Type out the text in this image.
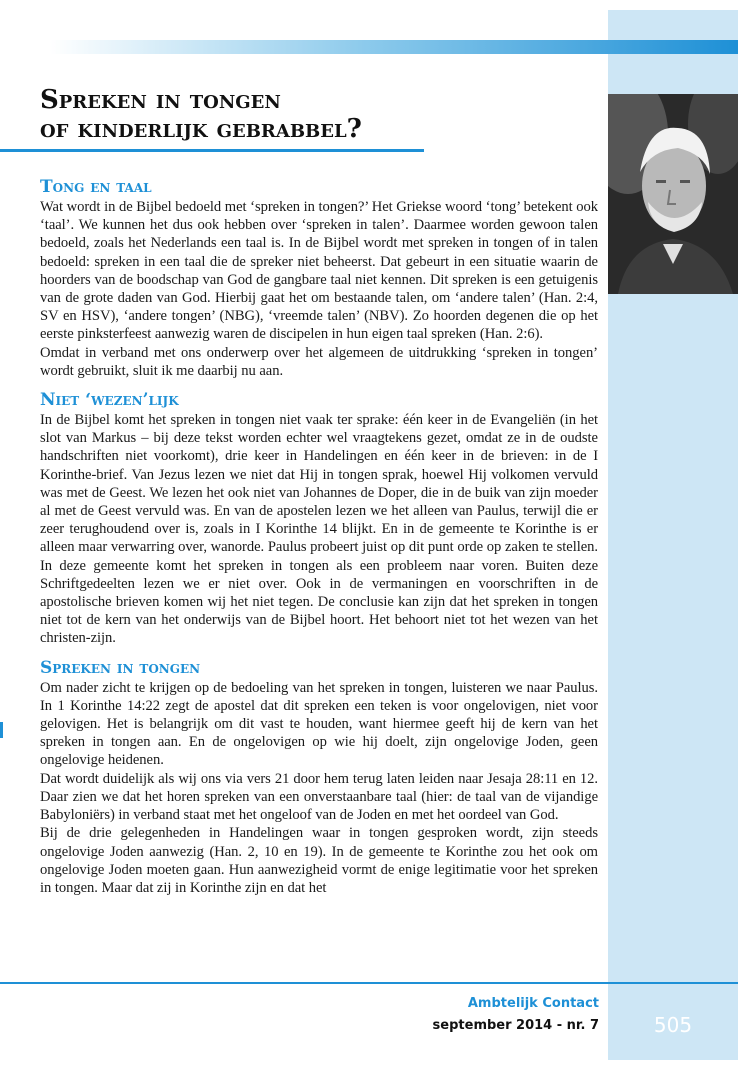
Spreken in tongen
of kinderlijk gebrabbel?
Tong en taal

Wat wordt in de Bijbel bedoeld met ‘spreken in tongen?’ Het Griekse woord ‘tong’ betekent ook ‘taal’. We kunnen het dus ook hebben over ‘spreken in talen’. Daarmee worden gewoon talen bedoeld, zoals het Nederlands een taal is. In de Bijbel wordt met spreken in tongen of in talen bedoeld: spreken in een taal die de spreker niet beheerst. Dat gebeurt in een situatie waarin de hoorders van de boodschap van God de gangbare taal niet kennen. Dit spreken is een getuigenis van de grote daden van God. Hierbij gaat het om bestaande talen, om ‘andere talen’ (Han. 2:4, SV en HSV), ‘andere tongen’ (NBG), ‘vreemde talen’ (NBV). Zo hoorden degenen die op het eerste pinksterfeest aanwezig waren de discipelen in hun eigen taal spreken (Han. 2:6).

Omdat in verband met ons onderwerp over het algemeen de uitdrukking ‘spreken in tongen’ wordt gebruikt, sluit ik me daarbij nu aan.

Niet ‘wezen’lijk

In de Bijbel komt het spreken in tongen niet vaak ter sprake: één keer in de Evangeliën (in het slot van Markus – bij deze tekst worden echter wel vraagtekens gezet, omdat ze in de oudste handschriften niet voorkomt), drie keer in Handelingen en één keer in de brieven: in de I Korinthe-brief. Van Jezus lezen we niet dat Hij in tongen sprak, hoewel Hij volkomen vervuld was met de Geest. We lezen het ook niet van Johannes de Doper, die in de buik van zijn moeder al met de Geest vervuld was. En van de apostelen lezen we het alleen van Paulus, terwijl die er zeer terughoudend over is, zoals in I Korinthe 14 blijkt. En in de gemeente te Korinthe is er alleen maar verwarring over, wanorde. Paulus probeert juist op dit punt orde op zaken te stellen. In deze gemeente komt het spreken in tongen als een probleem naar voren. Buiten deze Schriftgedeelten lezen we er niet over. Ook in de vermaningen en voorschriften in de apostolische brieven komen wij het niet tegen. De conclusie kan zijn dat het spreken in tongen niet tot de kern van het onderwijs van de Bijbel hoort. Het behoort niet tot het wezen van het christen-zijn.

Spreken in tongen

Om nader zicht te krijgen op de bedoeling van het spreken in tongen, luisteren we naar Paulus. In 1 Korinthe 14:22 zegt de apostel dat dit spreken een teken is voor ongelovigen, niet voor gelovigen. Het is belangrijk om dit vast te houden, want hiermee geeft hij de kern van het spreken in tongen aan. En de ongelovigen op wie hij doelt, zijn ongelovige Joden, geen ongelovige heidenen.

Dat wordt duidelijk als wij ons via vers 21 door hem terug laten leiden naar Jesaja 28:11 en 12. Daar zien we dat het horen spreken van een onverstaanbare taal (hier: de taal van de vijandige Babyloniërs) in verband staat met het ongeloof van de Joden en met het oordeel van God.

Bij de drie gelegenheden in Handelingen waar in tongen gesproken wordt, zijn steeds ongelovige Joden aanwezig (Han. 2, 10 en 19). In de gemeente te Korinthe zou het ook om ongelovige Joden moeten gaan. Hun aanwezigheid vormt de enige legitimatie voor het spreken in tongen. Maar dat zij in Korinthe zijn en dat het

Ambtelijk Contact
september 2014 - nr. 7	505
